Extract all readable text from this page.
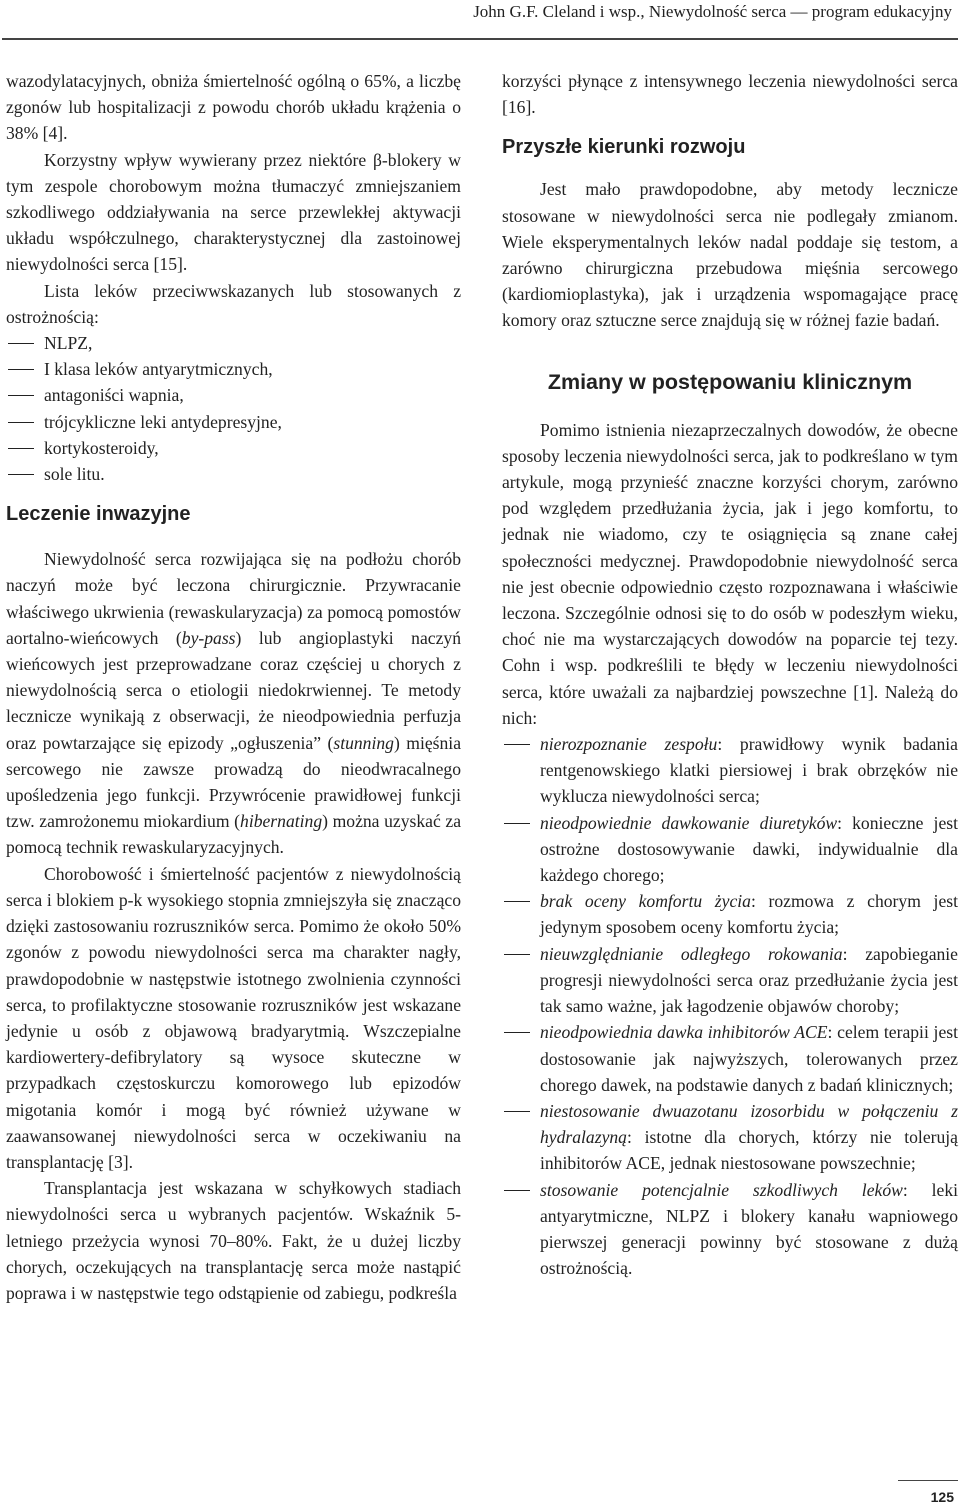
John G.F. Cleland i wsp., Niewydolność serca — program edukacyjny

wazodylatacyjnych, obniża śmiertelność ogólną o 65%, a liczbę zgonów lub hospitalizacji z powodu chorób układu krążenia o 38% [4].

Korzystny wpływ wywierany przez niektóre β-blokery w tym zespole chorobowym można tłumaczyć zmniejszaniem szkodliwego oddziaływania na serce przewlekłej aktywacji układu współczulnego, charakterystycznej dla zastoinowej niewydolności serca [15].

Lista leków przeciwwskazanych lub stosowanych z ostrożnością:

NLPZ,
I klasa leków antyarytmicznych,
antagoniści wapnia,
trójcykliczne leki antydepresyjne,
kortykosteroidy,
sole litu.
Leczenie inwazyjne

Niewydolność serca rozwijająca się na podłożu chorób naczyń może być leczona chirurgicznie. Przywracanie właściwego ukrwienia (rewaskularyzacja) za pomocą pomostów aortalno-wieńcowych (by-pass) lub angioplastyki naczyń wieńcowych jest przeprowadzane coraz częściej u chorych z niewydolnością serca o etiologii niedokrwiennej. Te metody lecznicze wynikają z obserwacji, że nieodpowiednia perfuzja oraz powtarzające się epizody „ogłuszenia” (stunning) mięśnia sercowego nie zawsze prowadzą do nieodwracalnego upośledzenia jego funkcji. Przywrócenie prawidłowej funkcji tzw. zamrożonemu miokardium (hibernating) można uzyskać za pomocą technik rewaskularyzacyjnych.

Chorobowość i śmiertelność pacjentów z niewydolnością serca i blokiem p-k wysokiego stopnia zmniejszyła się znacząco dzięki zastosowaniu rozruszników serca. Pomimo że około 50% zgonów z powodu niewydolności serca ma charakter nagły, prawdopodobnie w następstwie istotnego zwolnienia czynności serca, to profilaktyczne stosowanie rozruszników jest wskazane jedynie u osób z objawową bradyarytmią. Wszczepialne kardiowertery-defibrylatory są wysoce skuteczne w przypadkach częstoskurczu komorowego lub epizodów migotania komór i mogą być również używane w zaawansowanej niewydolności serca w oczekiwaniu na transplantację [3].

Transplantacja jest wskazana w schyłkowych stadiach niewydolności serca u wybranych pacjentów. Wskaźnik 5-letniego przeżycia wynosi 70–80%. Fakt, że u dużej liczby chorych, oczekujących na transplantację serca może nastąpić poprawa i w następstwie tego odstąpienie od zabiegu, podkreśla

korzyści płynące z intensywnego leczenia niewydolności serca [16].

Przyszłe kierunki rozwoju

Jest mało prawdopodobne, aby metody lecznicze stosowane w niewydolności serca nie podlegały zmianom. Wiele eksperymentalnych leków nadal poddaje się testom, a zarówno chirurgiczna przebudowa mięśnia sercowego (kardiomioplastyka), jak i urządzenia wspomagające pracę komory oraz sztuczne serce znajdują się w różnej fazie badań.

Zmiany w postępowaniu klinicznym

Pomimo istnienia niezaprzeczalnych dowodów, że obecne sposoby leczenia niewydolności serca, jak to podkreślano w tym artykule, mogą przynieść znaczne korzyści chorym, zarówno pod względem przedłużania życia, jak i jego komfortu, to jednak nie wiadomo, czy te osiągnięcia są znane całej społeczności medycznej. Prawdopodobnie niewydolność serca nie jest obecnie odpowiednio często rozpoznawana i właściwie leczona. Szczególnie odnosi się to do osób w podeszłym wieku, choć nie ma wystarczających dowodów na poparcie tej tezy. Cohn i wsp. podkreślili te błędy w leczeniu niewydolności serca, które uważali za najbardziej powszechne [1]. Należą do nich:

nierozpoznanie zespołu: prawidłowy wynik badania rentgenowskiego klatki piersiowej i brak obrzęków nie wyklucza niewydolności serca;
nieodpowiednie dawkowanie diuretyków: konieczne jest ostrożne dostosowywanie dawki, indywidualnie dla każdego chorego;
brak oceny komfortu życia: rozmowa z chorym jest jedynym sposobem oceny komfortu życia;
nieuwzględnianie odległego rokowania: zapobieganie progresji niewydolności serca oraz przedłużanie życia jest tak samo ważne, jak łagodzenie objawów choroby;
nieodpowiednia dawka inhibitorów ACE: celem terapii jest dostosowanie jak najwyższych, tolerowanych przez chorego dawek, na podstawie danych z badań klinicznych;
niestosowanie dwuazotanu izosorbidu w połączeniu z hydralazyną: istotne dla chorych, którzy nie tolerują inhibitorów ACE, jednak niestosowane powszechnie;
stosowanie potencjalnie szkodliwych leków: leki antyarytmiczne, NLPZ i blokery kanału wapniowego pierwszej generacji powinny być stosowane z dużą ostrożnością.
125
